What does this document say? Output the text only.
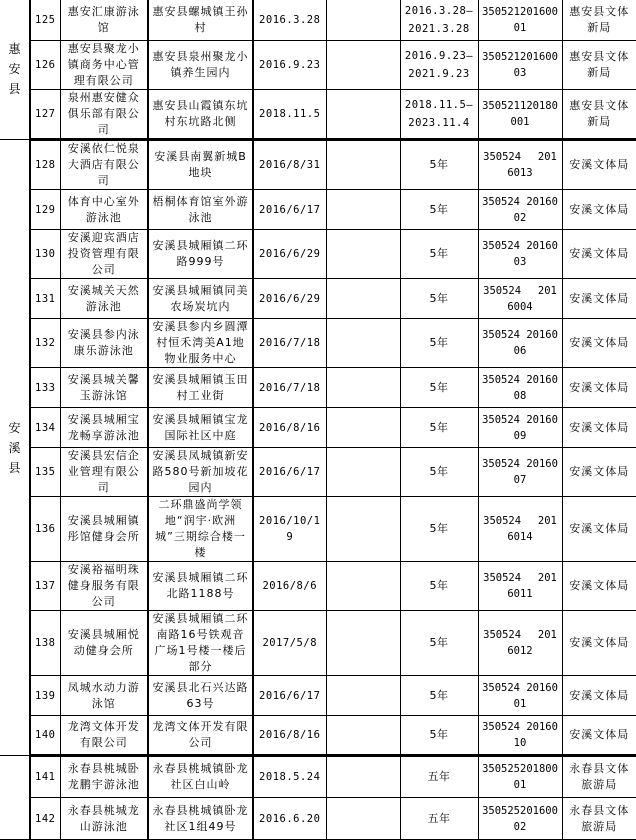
惠安县	125	惠安汇康游泳馆	惠安县螺城镇王孙村	2016.3.28		2016.3.28–​2021.3.28	35052120160001	惠安县文体新局
	126	惠安县聚龙小镇商务中心管理有限公司	惠安县泉州聚龙小镇养生园内	2016.9.23		2016.9.23–​2021.9.23	35052120160003	惠安县文体新局
	127	泉州惠安健众俱乐部有限公司	惠安县山霞镇东坑村东坑路北侧	2018.11.5		2018.11.5–​2023.11.4	350521120180001	惠安县文体新局
安溪县	128	安溪依仁悦泉大酒店有限公司	安溪县南翼新城B地块	2016/8/31		5年	350524　 2016013	安溪文体局
	129	体育中心室外游泳池	梧桐体育馆室外游泳池	2016/6/17		5年	350524 2016002	安溪文体局
	130	安溪迎宾酒店投资管理有限公司	安溪县城厢镇二环路999号	2016/6/29		5年	350524 2016003	安溪文体局
	131	安溪城关天然游泳池	安溪县城厢镇同美农场炭坑内	2016/6/29		5年	350524　 2016004	安溪文体局
	132	安溪县参内泳康乐游泳池	安溪县参内乡圆潭村恒禾湾美A1地物业服务中心	2016/7/18		5年	350524 2016006	安溪文体局
	133	安溪县城关馨玉游泳馆	安溪县城厢镇玉田村工业街	2016/7/18		5年	350524 2016008	安溪文体局
	134	安溪县城厢宝龙畅享游泳池	安溪县城厢镇宝龙国际社区中庭	2016/8/16		5年	350524 2016009	安溪文体局
	135	安溪县宏信企业管理有限公司	安溪县凤城镇新安路580号新加坡花园内	2016/6/17		5年	350524 2016007	安溪文体局
	136	安溪县城厢镇彤馆健身会所	二环鼎盛尚学领地“润宇·欧洲城”三期综合楼一楼	2016/10/19		5年	350524　 2016014	安溪文体局
	137	安溪裕福明珠健身服务有限公司	安溪县城厢镇二环北路1188号	2016/8/6		5年	350524　 2016011	安溪文体局
	138	安溪县城厢悦动健身会所	安溪县城厢镇二环南路16号铁观音广场1号楼一楼后部分	2017/5/8		5年	350524　 2016012	安溪文体局
	139	凤城水动力游泳馆	安溪县北石兴达路63号	2016/6/17		5年	350524 2016001	安溪文体局
	140	龙湾文体开发有限公司	龙湾文体开发有限公司	2016/8/16		5年	350524 2016010	安溪文体局
	141	永春县桃城卧龙鹏宇游泳池	永春县桃城镇卧龙社区白山岭	2018.5.24		五年	35052520180001	永春县文体旅游局
	142	永春县桃城龙山游泳池	永春县桃城镇卧龙社区1组49号	2016.6.20		五年	35052520160002	永春县文体旅游局
